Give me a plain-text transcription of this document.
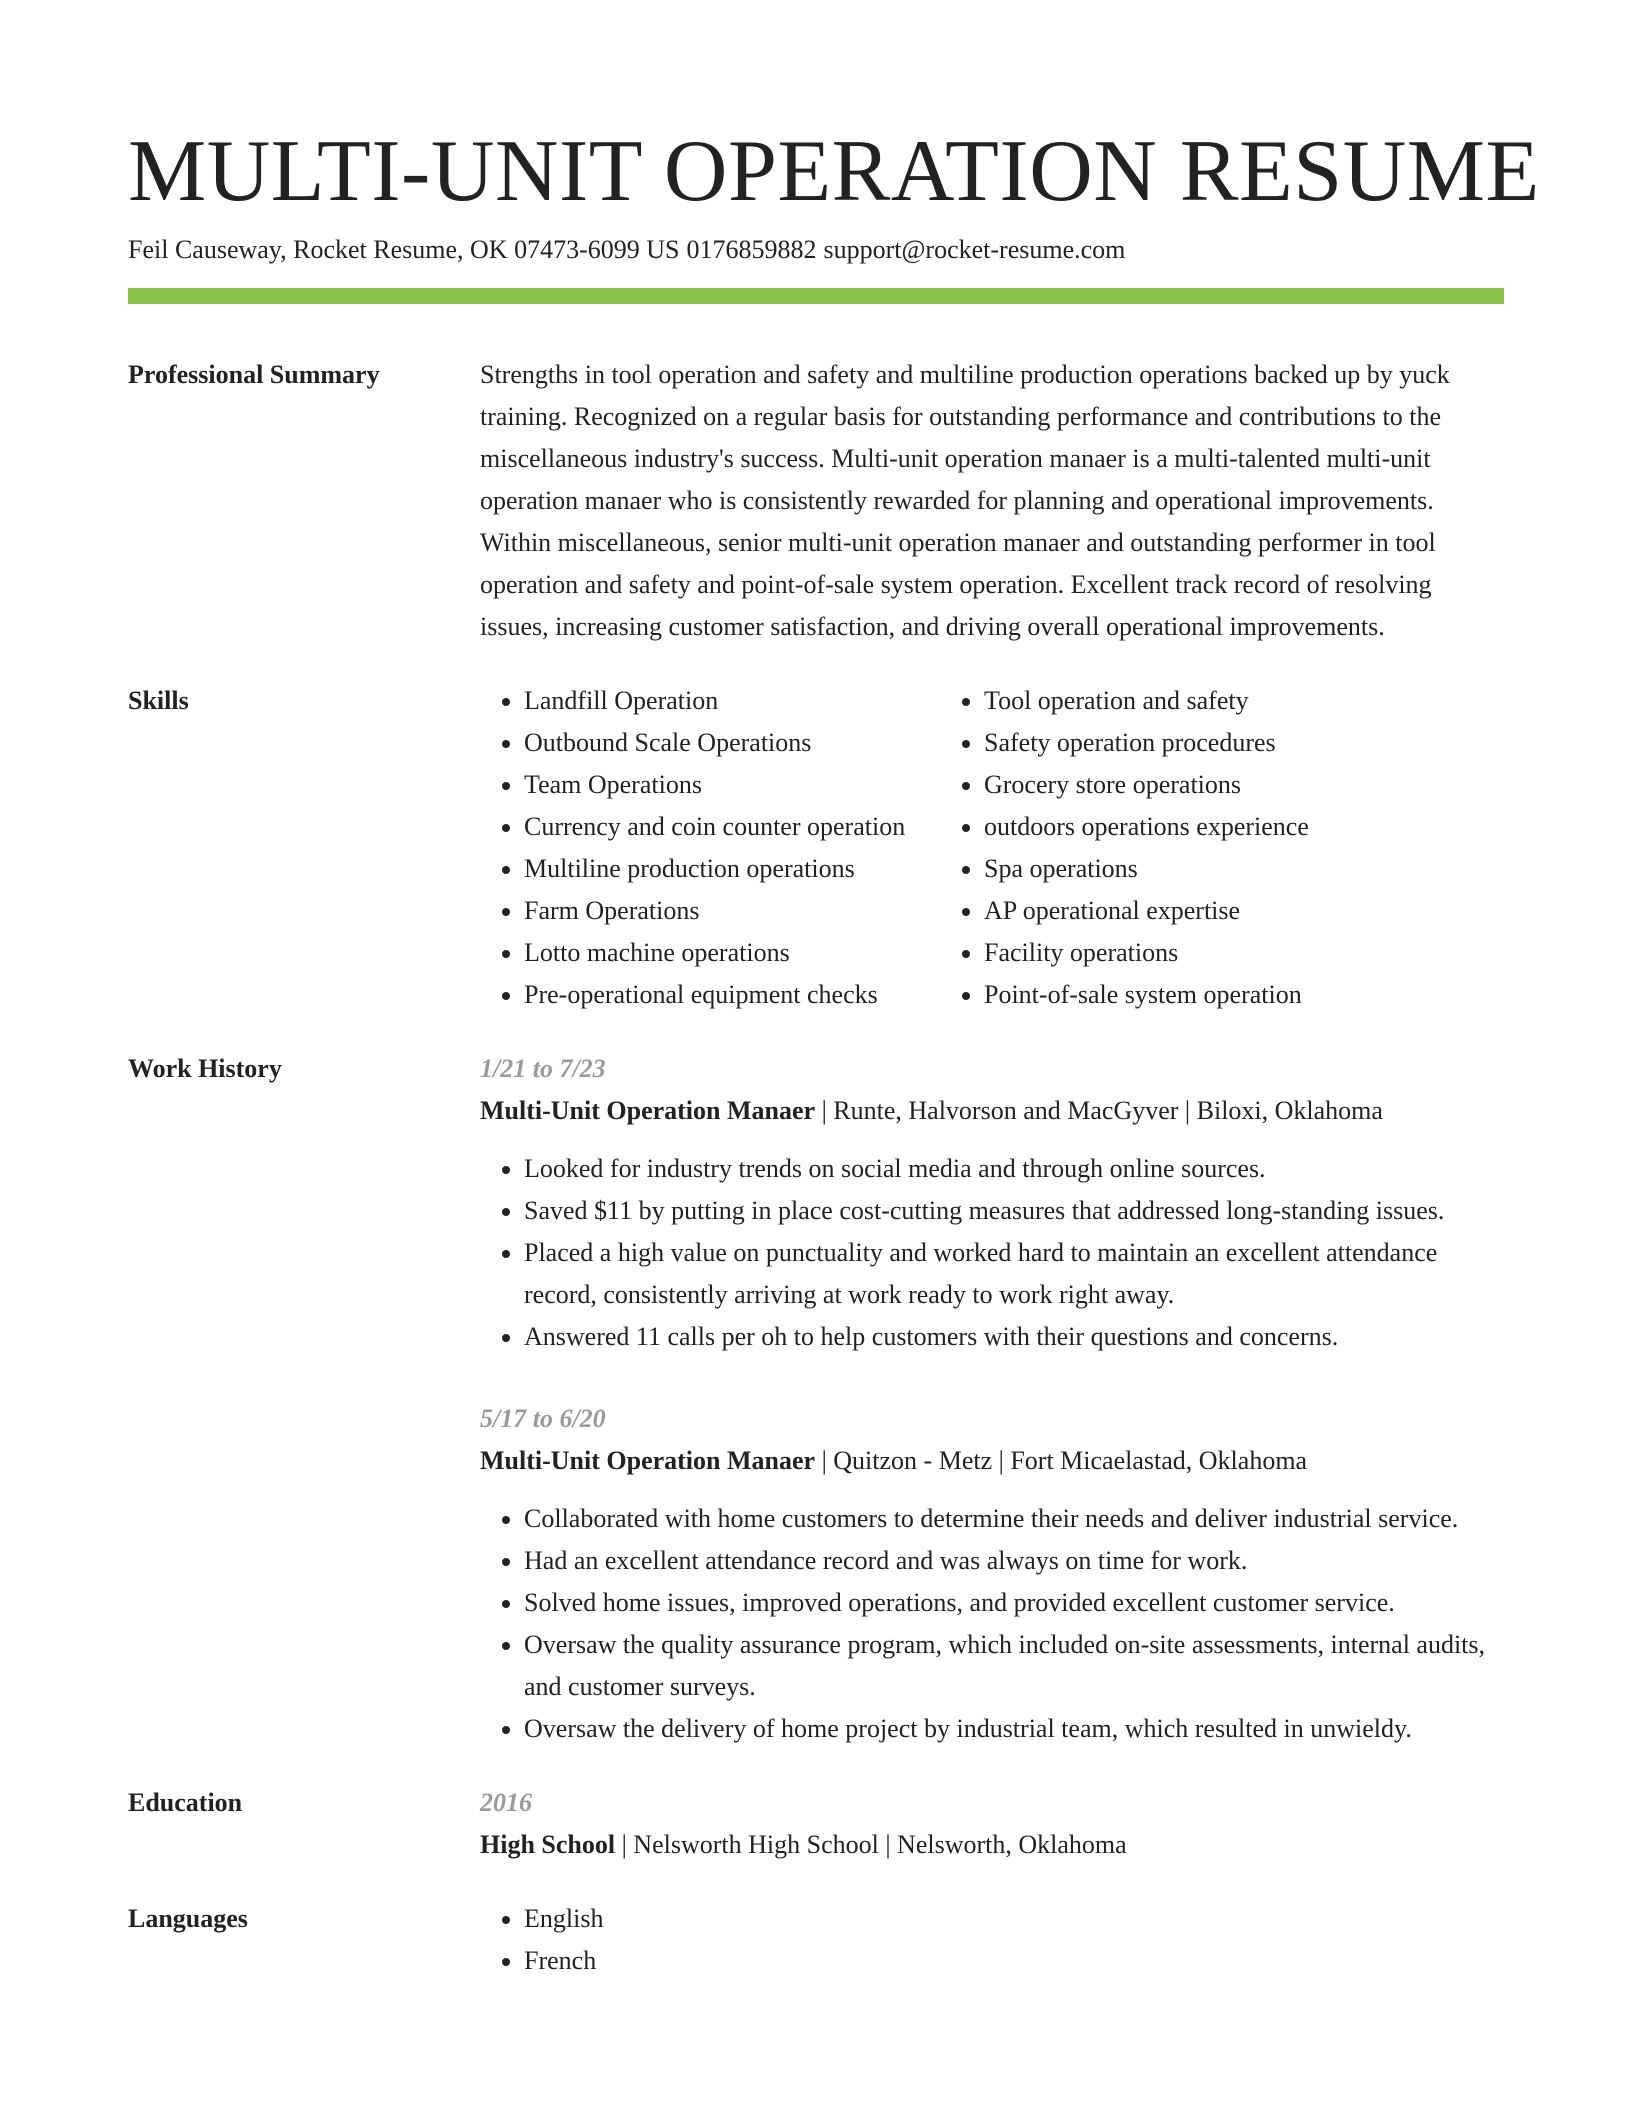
MULTI-UNIT OPERATION RESUME
Feil Causeway, Rocket Resume, OK 07473-6099 US 0176859882 support@rocket-resume.com
Professional Summary	Strengths in tool operation and safety and multiline production operations backed up by yuck training. Recognized on a regular basis for outstanding performance and contributions to the miscellaneous industry's success. Multi-unit operation manaer is a multi-talented multi-unit operation manaer who is consistently rewarded for planning and operational improvements. Within miscellaneous, senior multi-unit operation manaer and outstanding performer in tool operation and safety and point-of-sale system operation. Excellent track record of resolving issues, increasing customer satisfaction, and driving overall operational improvements.

Skills	• Landfill Operation
• Outbound Scale Operations
• Team Operations
• Currency and coin counter operation
• Multiline production operations
• Farm Operations
• Lotto machine operations
• Pre-operational equipment checks
• Tool operation and safety
• Safety operation procedures
• Grocery store operations
• outdoors operations experience
• Spa operations
• AP operational expertise
• Facility operations
• Point-of-sale system operation
Work History	1/21 to 7/23
Multi-Unit Operation Manaer | Runte, Halvorson and MacGyver | Biloxi, Oklahoma
• Looked for industry trends on social media and through online sources.
• Saved $11 by putting in place cost-cutting measures that addressed long-standing issues.
• Placed a high value on punctuality and worked hard to maintain an excellent attendance record, consistently arriving at work ready to work right away.
• Answered 11 calls per oh to help customers with their questions and concerns.
5/17 to 6/20
Multi-Unit Operation Manaer | Quitzon - Metz | Fort Micaelastad, Oklahoma
• Collaborated with home customers to determine their needs and deliver industrial service.
• Had an excellent attendance record and was always on time for work.
• Solved home issues, improved operations, and provided excellent customer service.
• Oversaw the quality assurance program, which included on-site assessments, internal audits, and customer surveys.
• Oversaw the delivery of home project by industrial team, which resulted in unwieldy.
Education	2016
High School | Nelsworth High School | Nelsworth, Oklahoma
Languages	• English
• French
